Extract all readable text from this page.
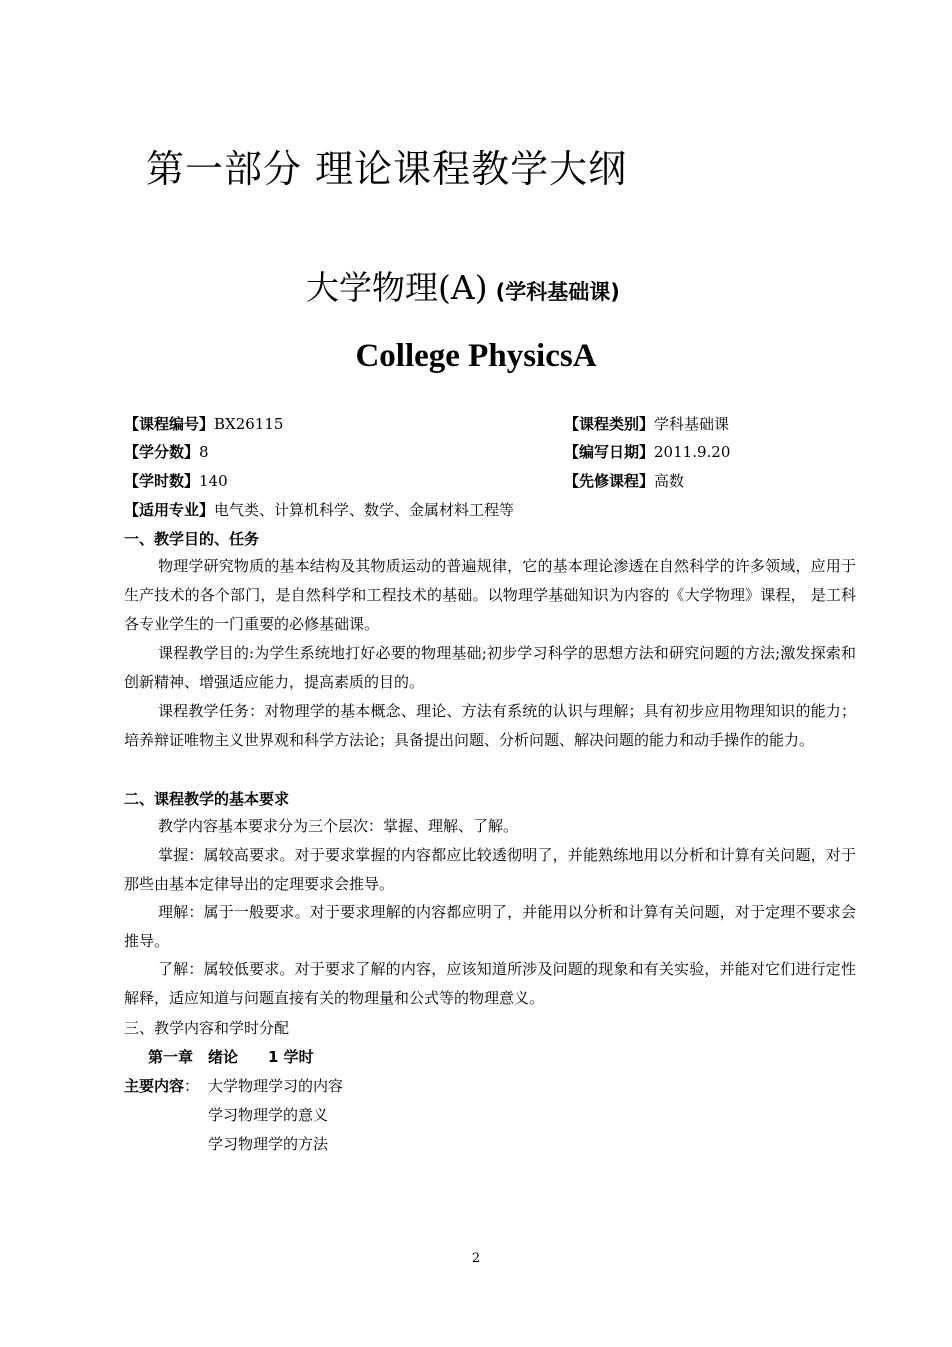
第一部分 理论课程教学大纲
大学物理(A) (学科基础课)
College PhysicsA
【课程编号】BX26115	【课程类别】学科基础课
【学分数】8	【编写日期】2011.9.20
【学时数】140	【先修课程】高数
【适用专业】电气类、计算机科学、数学、金属材料工程等
一、教学目的、任务
物理学研究物质的基本结构及其物质运动的普遍规律，它的基本理论渗透在自然科学的许多领域，应用于生产技术的各个部门，是自然科学和工程技术的基础。以物理学基础知识为内容的《大学物理》课程， 是工科各专业学生的一门重要的必修基础课。
课程教学目的:为学生系统地打好必要的物理基础;初步学习科学的思想方法和研究问题的方法;激发探索和创新精神、增强适应能力，提高素质的目的。
课程教学任务：对物理学的基本概念、理论、方法有系统的认识与理解；具有初步应用物理知识的能力；培养辩证唯物主义世界观和科学方法论；具备提出问题、分析问题、解决问题的能力和动手操作的能力。
二、课程教学的基本要求
教学内容基本要求分为三个层次：掌握、理解、了解。
掌握：属较高要求。对于要求掌握的内容都应比较透彻明了，并能熟练地用以分析和计算有关问题，对于那些由基本定律导出的定理要求会推导。
理解：属于一般要求。对于要求理解的内容都应明了，并能用以分析和计算有关问题，对于定理不要求会推导。
了解：属较低要求。对于要求了解的内容，应该知道所涉及问题的现象和有关实验，并能对它们进行定性解释，适应知道与问题直接有关的物理量和公式等的物理意义。
三、教学内容和学时分配
第一章　绪论　　1 学时
主要内容： 大学物理学习的内容
学习物理学的意义
学习物理学的方法
2
